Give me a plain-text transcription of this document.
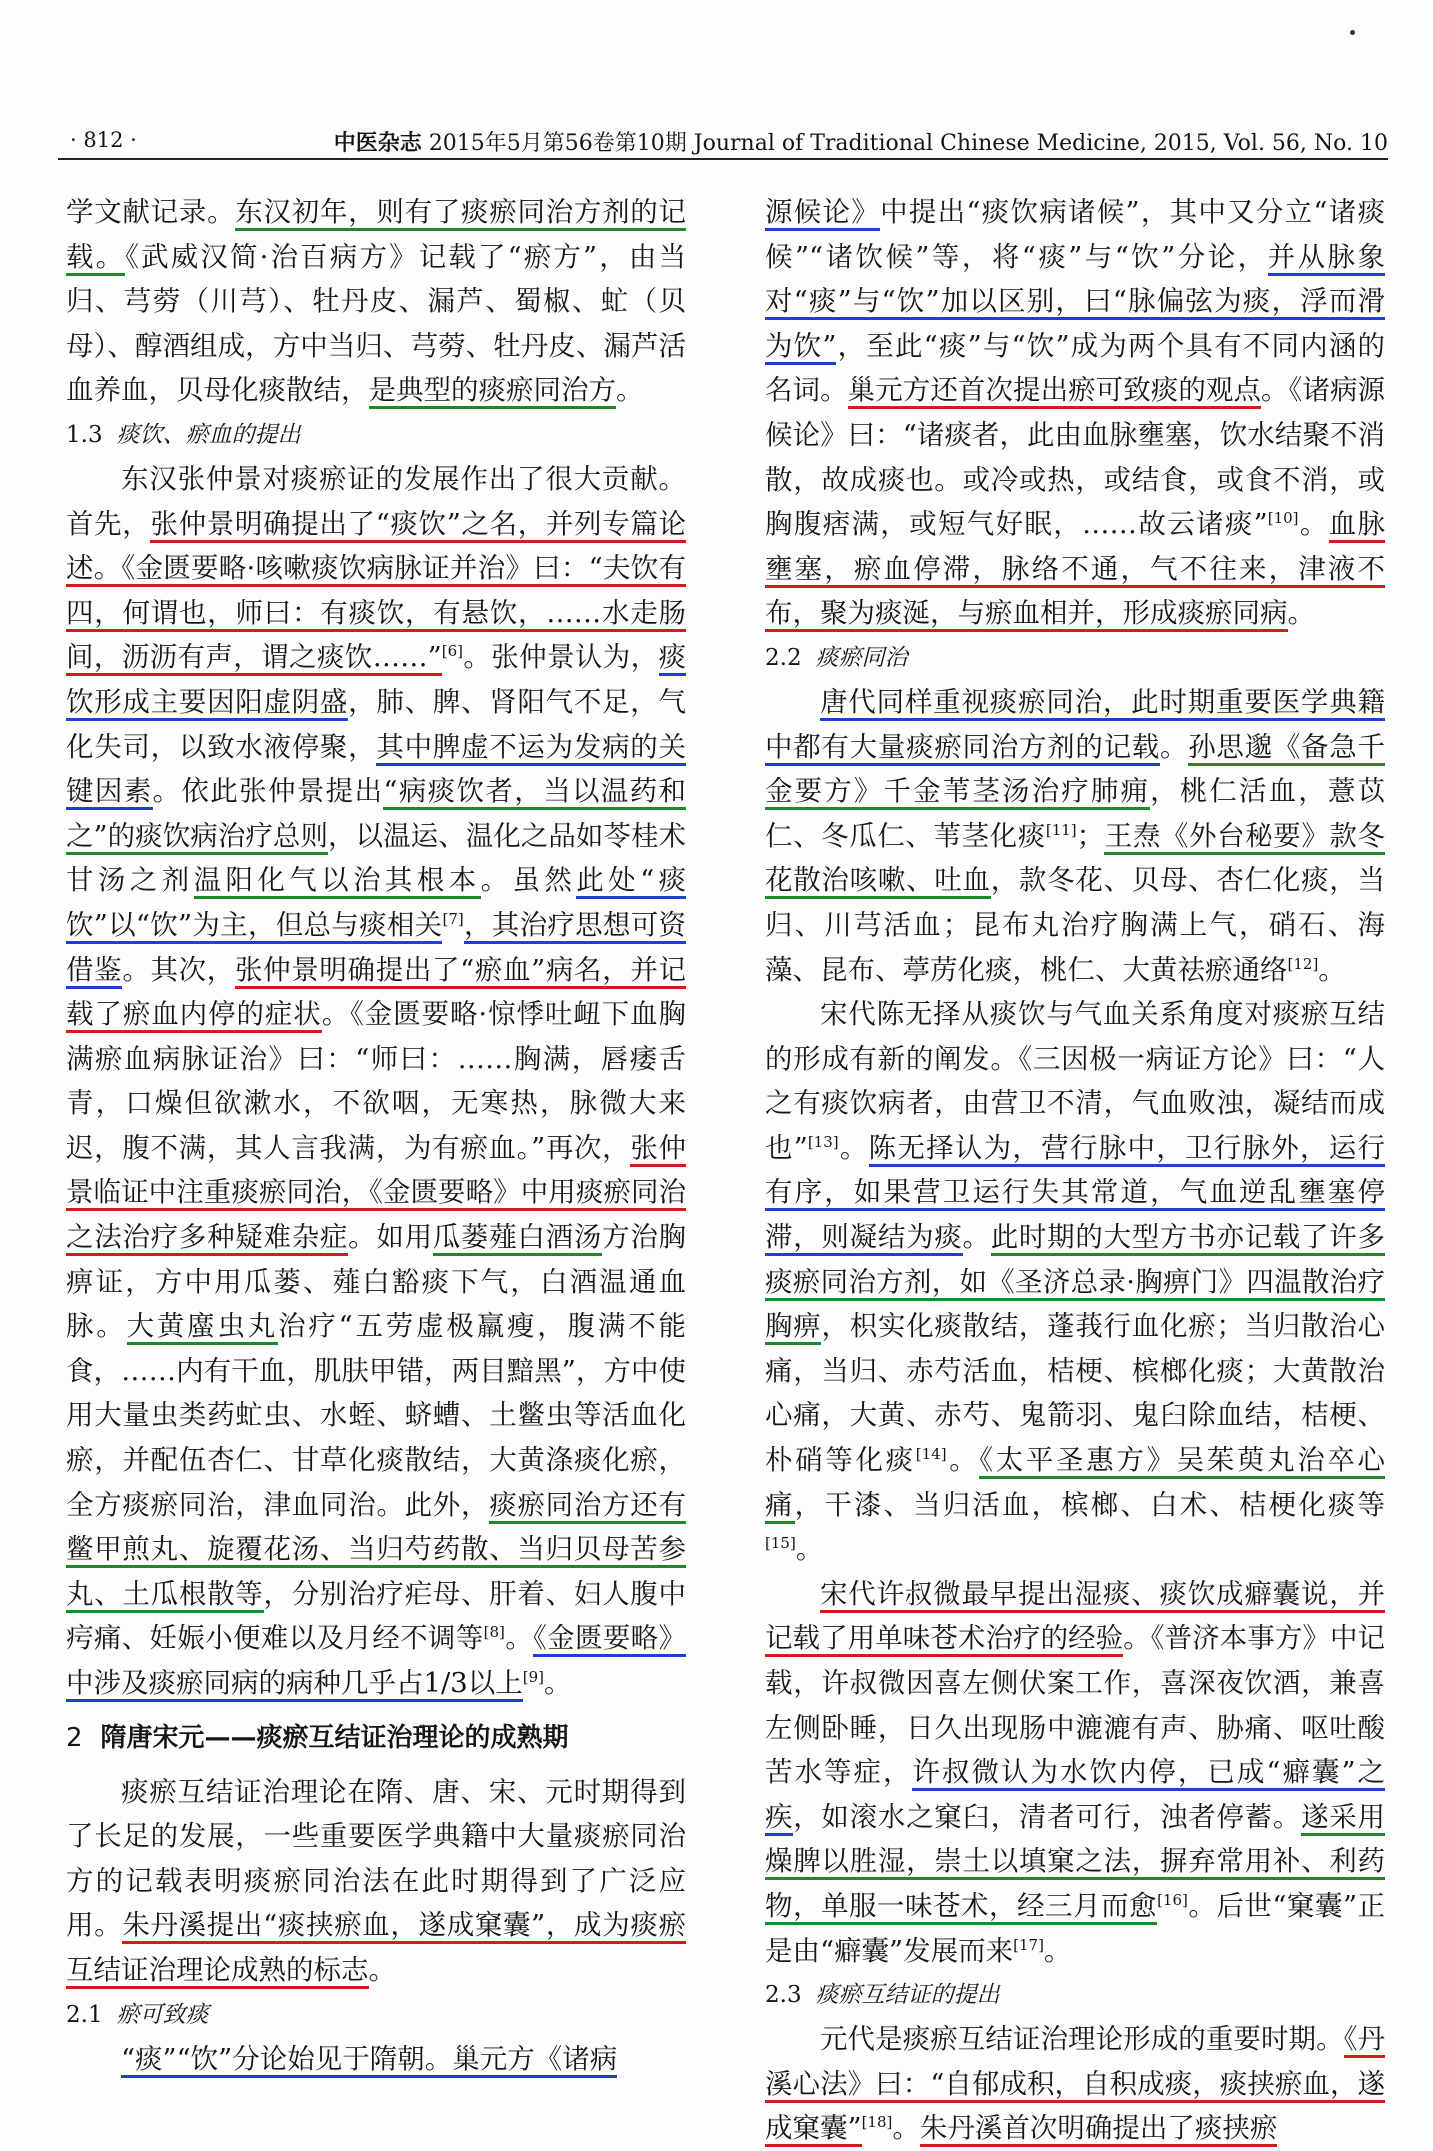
· 812 ·	中医杂志 2015年5月第56卷第10期 Journal of Traditional Chinese Medicine, 2015, Vol. 56, No. 10

学文献记录。东汉初年，则有了痰瘀同治方剂的记载。《武威汉简·治百病方》记载了“瘀方”，由当归、芎䓖（川芎）、牡丹皮、漏芦、蜀椒、虻（贝母）、醇酒组成，方中当归、芎䓖、牡丹皮、漏芦活血养血，贝母化痰散结，是典型的痰瘀同治方。

1.3 痰饮、瘀血的提出

东汉张仲景对痰瘀证的发展作出了很大贡献。首先，张仲景明确提出了“痰饮”之名，并列专篇论述。《金匮要略·咳嗽痰饮病脉证并治》曰：“夫饮有四，何谓也，师曰：有痰饮，有悬饮，……水走肠间，沥沥有声，谓之痰饮……”[6]。张仲景认为，痰饮形成主要因阳虚阴盛，肺、脾、肾阳气不足，气化失司，以致水液停聚，其中脾虚不运为发病的关键因素。依此张仲景提出“病痰饮者，当以温药和之”的痰饮病治疗总则，以温运、温化之品如苓桂术甘汤之剂温阳化气以治其根本。虽然此处“痰饮”以“饮”为主，但总与痰相关[7]，其治疗思想可资借鉴。其次，张仲景明确提出了“瘀血”病名，并记载了瘀血内停的症状。《金匮要略·惊悸吐衄下血胸满瘀血病脉证治》曰：“师曰：……胸满，唇痿舌青，口燥但欲漱水，不欲咽，无寒热，脉微大来迟，腹不满，其人言我满，为有瘀血。”再次，张仲景临证中注重痰瘀同治，《金匮要略》中用痰瘀同治之法治疗多种疑难杂症。如用瓜蒌薤白酒汤方治胸痹证，方中用瓜蒌、薤白豁痰下气，白酒温通血脉。大黄䗪虫丸治疗“五劳虚极羸瘦，腹满不能食，……内有干血，肌肤甲错，两目黯黑”，方中使用大量虫类药虻虫、水蛭、蛴螬、土鳖虫等活血化瘀，并配伍杏仁、甘草化痰散结，大黄涤痰化瘀，全方痰瘀同治，津血同治。此外，痰瘀同治方还有鳖甲煎丸、旋覆花汤、当归芍药散、当归贝母苦参丸、土瓜根散等，分别治疗疟母、肝着、妇人腹中疞痛、妊娠小便难以及月经不调等[8]。《金匮要略》中涉及痰瘀同病的病种几乎占1/3以上[9]。

2 隋唐宋元——痰瘀互结证治理论的成熟期

痰瘀互结证治理论在隋、唐、宋、元时期得到了长足的发展，一些重要医学典籍中大量痰瘀同治方的记载表明痰瘀同治法在此时期得到了广泛应用。朱丹溪提出“痰挟瘀血，遂成窠囊”，成为痰瘀互结证治理论成熟的标志。

2.1 瘀可致痰

“痰”“饮”分论始见于隋朝。巢元方《诸病

源候论》中提出“痰饮病诸候”，其中又分立“诸痰候”“诸饮候”等，将“痰”与“饮”分论，并从脉象对“痰”与“饮”加以区别，曰“脉偏弦为痰，浮而滑为饮”，至此“痰”与“饮”成为两个具有不同内涵的名词。巢元方还首次提出瘀可致痰的观点。《诸病源候论》曰：“诸痰者，此由血脉壅塞，饮水结聚不消散，故成痰也。或冷或热，或结食，或食不消，或胸腹痞满，或短气好眠，……故云诸痰”[10]。血脉壅塞，瘀血停滞，脉络不通，气不往来，津液不布，聚为痰涎，与瘀血相并，形成痰瘀同病。

2.2 痰瘀同治

唐代同样重视痰瘀同治，此时期重要医学典籍中都有大量痰瘀同治方剂的记载。孙思邈《备急千金要方》千金苇茎汤治疗肺痈，桃仁活血，薏苡仁、冬瓜仁、苇茎化痰[11]；王焘《外台秘要》款冬花散治咳嗽、吐血，款冬花、贝母、杏仁化痰，当归、川芎活血；昆布丸治疗胸满上气，硝石、海藻、昆布、葶苈化痰，桃仁、大黄祛瘀通络[12]。

宋代陈无择从痰饮与气血关系角度对痰瘀互结的形成有新的阐发。《三因极一病证方论》曰：“人之有痰饮病者，由营卫不清，气血败浊，凝结而成也”[13]。陈无择认为，营行脉中，卫行脉外，运行有序，如果营卫运行失其常道，气血逆乱壅塞停滞，则凝结为痰。此时期的大型方书亦记载了许多痰瘀同治方剂，如《圣济总录·胸痹门》四温散治疗胸痹，枳实化痰散结，蓬莪行血化瘀；当归散治心痛，当归、赤芍活血，桔梗、槟榔化痰；大黄散治心痛，大黄、赤芍、鬼箭羽、鬼臼除血结，桔梗、朴硝等化痰[14]。《太平圣惠方》吴茱萸丸治卒心痛，干漆、当归活血，槟榔、白术、桔梗化痰等[15]。

宋代许叔微最早提出湿痰、痰饮成癖囊说，并记载了用单味苍术治疗的经验。《普济本事方》中记载，许叔微因喜左侧伏案工作，喜深夜饮酒，兼喜左侧卧睡，日久出现肠中漉漉有声、胁痛、呕吐酸苦水等症，许叔微认为水饮内停，已成“癖囊”之疾，如滚水之窠臼，清者可行，浊者停蓄。遂采用燥脾以胜湿，崇土以填窠之法，摒弃常用补、利药物，单服一味苍术，经三月而愈[16]。后世“窠囊”正是由“癖囊”发展而来[17]。

2.3 痰瘀互结证的提出

元代是痰瘀互结证治理论形成的重要时期。《丹溪心法》曰：“自郁成积，自积成痰，痰挟瘀血，遂成窠囊”[18]。朱丹溪首次明确提出了痰挟瘀
